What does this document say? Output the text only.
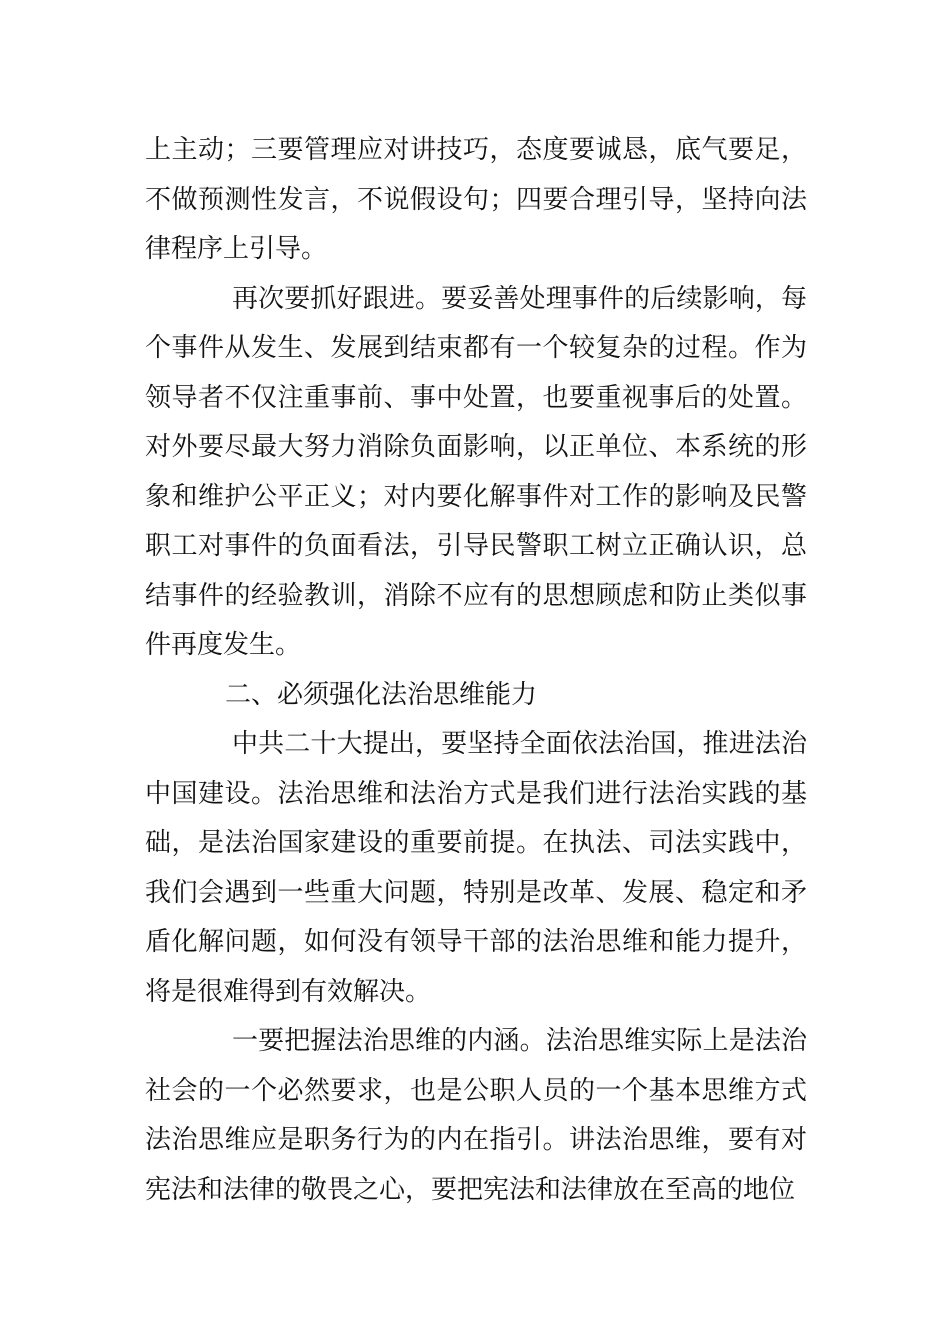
上主动；三要管理应对讲技巧，态度要诚恳，底气要足，不做预测性发言，不说假设句；四要合理引导，坚持向法律程序上引导。

再次要抓好跟进。要妥善处理事件的后续影响，每个事件从发生、发展到结束都有一个较复杂的过程。作为领导者不仅注重事前、事中处置，也要重视事后的处置。对外要尽最大努力消除负面影响，以正单位、本系统的形象和维护公平正义；对内要化解事件对工作的影响及民警职工对事件的负面看法，引导民警职工树立正确认识，总结事件的经验教训，消除不应有的思想顾虑和防止类似事件再度发生。

二、必须强化法治思维能力

中共二十大提出，要坚持全面依法治国，推进法治中国建设。法治思维和法治方式是我们进行法治实践的基础，是法治国家建设的重要前提。在执法、司法实践中，我们会遇到一些重大问题，特别是改革、发展、稳定和矛盾化解问题，如何没有领导干部的法治思维和能力提升，将是很难得到有效解决。

一要把握法治思维的内涵。法治思维实际上是法治社会的一个必然要求，也是公职人员的一个基本思维方式法治思维应是职务行为的内在指引。讲法治思维，要有对宪法和法律的敬畏之心，要把宪法和法律放在至高的地位
